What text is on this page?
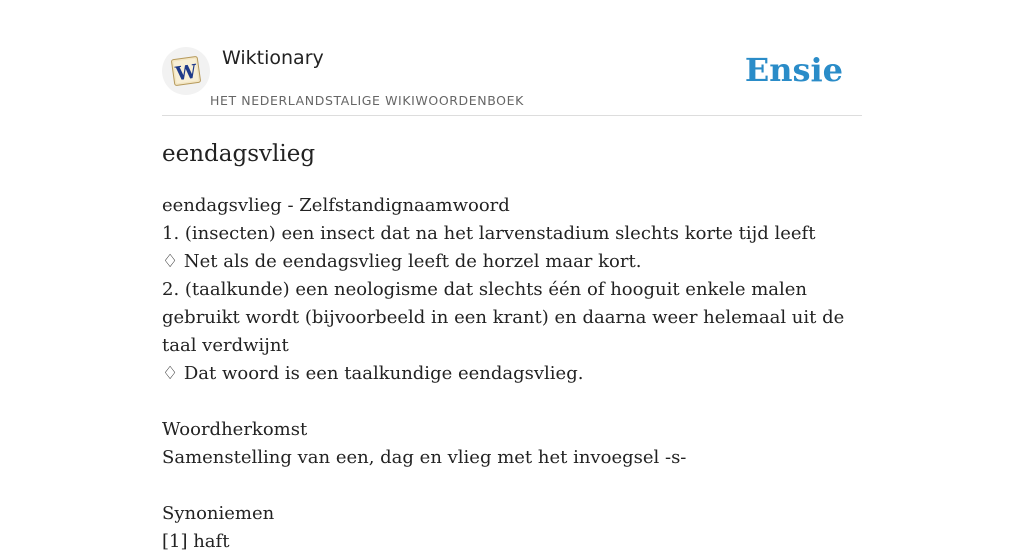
W
Wiktionary
HET NEDERLANDSTALIGE WIKIWOORDENBOEK
Ensie
eendagsvlieg
eendagsvlieg - Zelfstandignaamwoord
1. (insecten) een insect dat na het larvenstadium slechts korte tijd leeft
♢ Net als de eendagsvlieg leeft de horzel maar kort.
2. (taalkunde) een neologisme dat slechts één of hooguit enkele malen gebruikt wordt (bijvoorbeeld in een krant) en daarna weer helemaal uit de taal verdwijnt
♢ Dat woord is een taalkundige eendagsvlieg.
Woordherkomst
Samenstelling van een, dag en vlieg met het invoegsel -s-
Synoniemen
[1] haft
